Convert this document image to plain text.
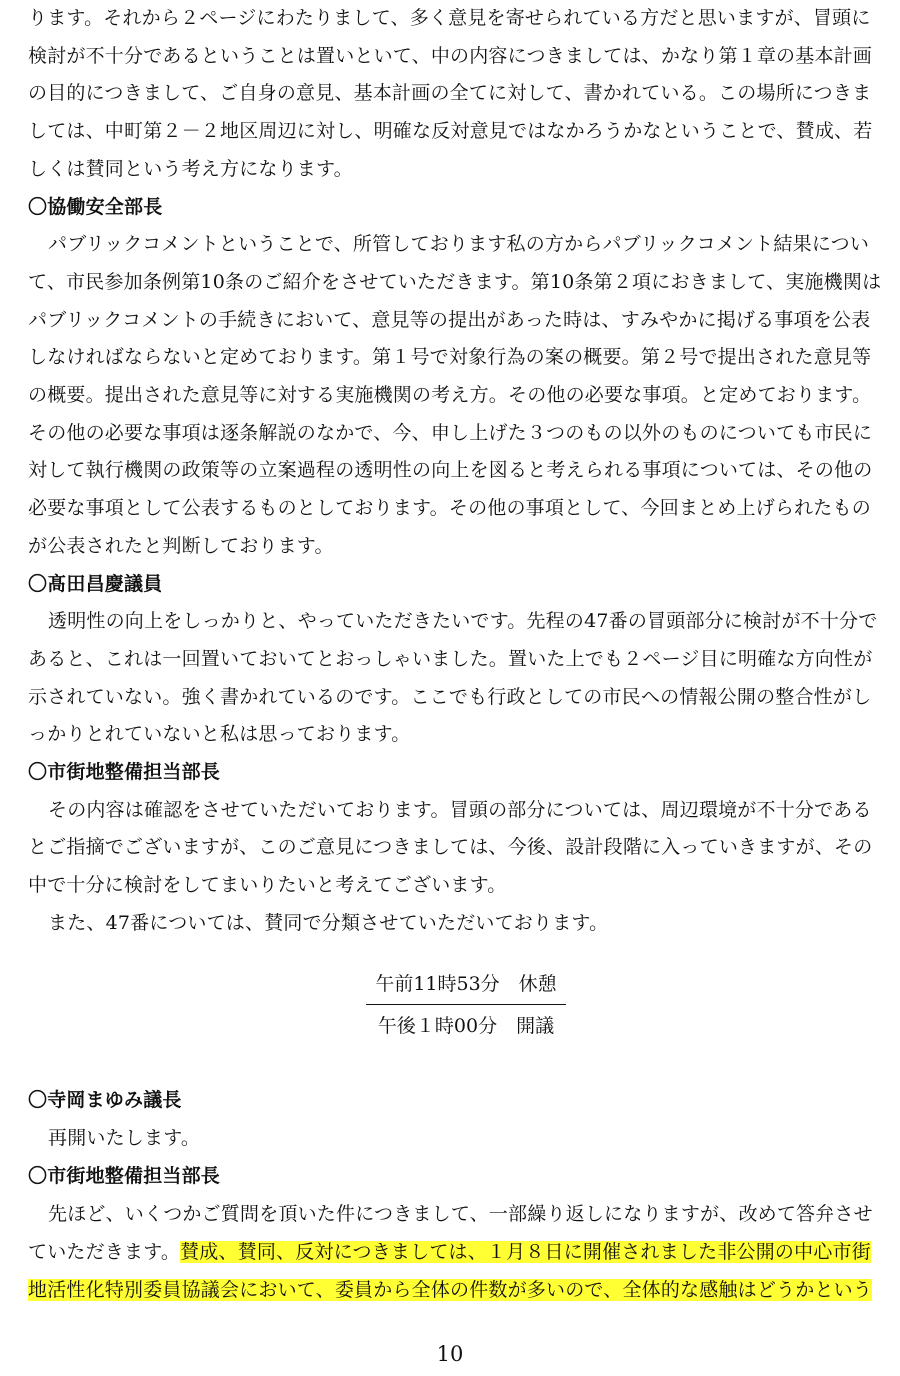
ります。それから２ページにわたりまして、多く意見を寄せられている方だと思いますが、冒頭に
検討が不十分であるということは置いといて、中の内容につきましては、かなり第１章の基本計画
の目的につきまして、ご自身の意見、基本計画の全てに対して、書かれている。この場所につきま
しては、中町第２－２地区周辺に対し、明確な反対意見ではなかろうかなということで、賛成、若
しくは賛同という考え方になります。
〇協働安全部長
パブリックコメントということで、所管しております私の方からパブリックコメント結果につい
て、市民参加条例第10条のご紹介をさせていただきます。第10条第２項におきまして、実施機関は
パブリックコメントの手続きにおいて、意見等の提出があった時は、すみやかに掲げる事項を公表
しなければならないと定めております。第１号で対象行為の案の概要。第２号で提出された意見等
の概要。提出された意見等に対する実施機関の考え方。その他の必要な事項。と定めております。
その他の必要な事項は逐条解説のなかで、今、申し上げた３つのもの以外のものについても市民に
対して執行機関の政策等の立案過程の透明性の向上を図ると考えられる事項については、その他の
必要な事項として公表するものとしております。その他の事項として、今回まとめ上げられたもの
が公表されたと判断しております。
〇髙田昌慶議員
透明性の向上をしっかりと、やっていただきたいです。先程の47番の冒頭部分に検討が不十分で
あると、これは一回置いておいてとおっしゃいました。置いた上でも２ページ目に明確な方向性が
示されていない。強く書かれているのです。ここでも行政としての市民への情報公開の整合性がし
っかりとれていないと私は思っております。
〇市街地整備担当部長
その内容は確認をさせていただいております。冒頭の部分については、周辺環境が不十分である
とご指摘でございますが、このご意見につきましては、今後、設計段階に入っていきますが、その
中で十分に検討をしてまいりたいと考えてございます。
また、47番については、賛同で分類させていただいております。
午前11時53分　休憩
午後１時00分　開議
〇寺岡まゆみ議長
再開いたします。
〇市街地整備担当部長
先ほど、いくつかご質問を頂いた件につきまして、一部繰り返しになりますが、改めて答弁させ
ていただきます。賛成、賛同、反対につきましては、１月８日に開催されました非公開の中心市街
地活性化特別委員協議会において、委員から全体の件数が多いので、全体的な感触はどうかという
10
